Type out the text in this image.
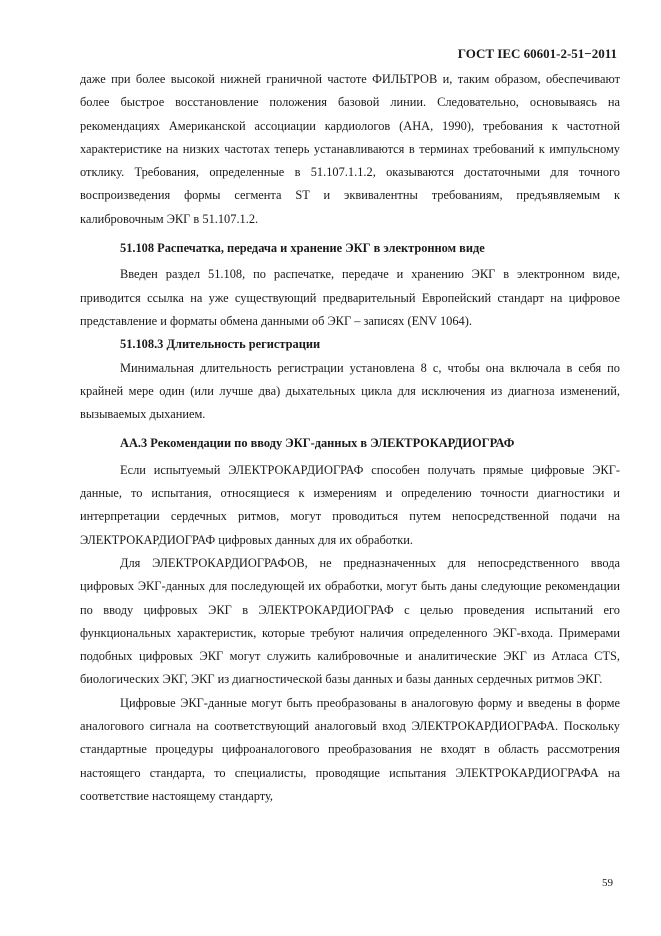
ГОСТ IEC 60601-2-51−2011

даже при более высокой нижней граничной частоте ФИЛЬТРОВ и, таким образом, обеспечивают более быстрое восстановление положения базовой линии. Следовательно, основываясь на рекомендациях Американской ассоциации кардиологов (AHA, 1990), требования к частотной характеристике на низких частотах теперь устанавливаются в терминах требований к импульсному отклику. Требования, определенные в 51.107.1.1.2, оказываются достаточными для точного воспроизведения формы сегмента ST и эквивалентны требованиям, предъявляемым к калибровочным ЭКГ в 51.107.1.2.

51.108 Распечатка, передача и хранение ЭКГ в электронном виде

Введен раздел 51.108, по распечатке, передаче и хранению ЭКГ в электронном виде, приводится ссылка на уже существующий предварительный Европейский стандарт на цифровое представление и форматы обмена данными об ЭКГ – записях (ENV 1064).

51.108.3 Длительность регистрации

Минимальная длительность регистрации установлена 8 с, чтобы она включала в себя по крайней мере один (или лучше два) дыхательных цикла для исключения из диагноза изменений, вызываемых дыханием.

AA.3 Рекомендации по вводу ЭКГ-данных в ЭЛЕКТРОКАРДИОГРАФ

Если испытуемый ЭЛЕКТРОКАРДИОГРАФ способен получать прямые цифровые ЭКГ-данные, то испытания, относящиеся к измерениям и определению точности диагностики и интерпретации сердечных ритмов, могут проводиться путем непосредственной подачи на ЭЛЕКТРОКАРДИОГРАФ цифровых данных для их обработки.

Для ЭЛЕКТРОКАРДИОГРАФОВ, не предназначенных для непосредственного ввода цифровых ЭКГ-данных для последующей их обработки, могут быть даны следующие рекомендации по вводу цифровых ЭКГ в ЭЛЕКТРОКАРДИОГРАФ с целью проведения испытаний его функциональных характеристик, которые требуют наличия определенного ЭКГ-входа. Примерами подобных цифровых ЭКГ могут служить калибровочные и аналитические ЭКГ из Атласа CTS, биологических ЭКГ, ЭКГ из диагностической базы данных и базы данных сердечных ритмов ЭКГ.

Цифровые ЭКГ-данные могут быть преобразованы в аналоговую форму и введены в форме аналогового сигнала на соответствующий аналоговый вход ЭЛЕКТРОКАРДИОГРАФА. Поскольку стандартные процедуры цифроаналогового преобразования не входят в область рассмотрения настоящего стандарта, то специалисты, проводящие испытания ЭЛЕКТРОКАРДИОГРАФА на соответствие настоящему стандарту,

59
